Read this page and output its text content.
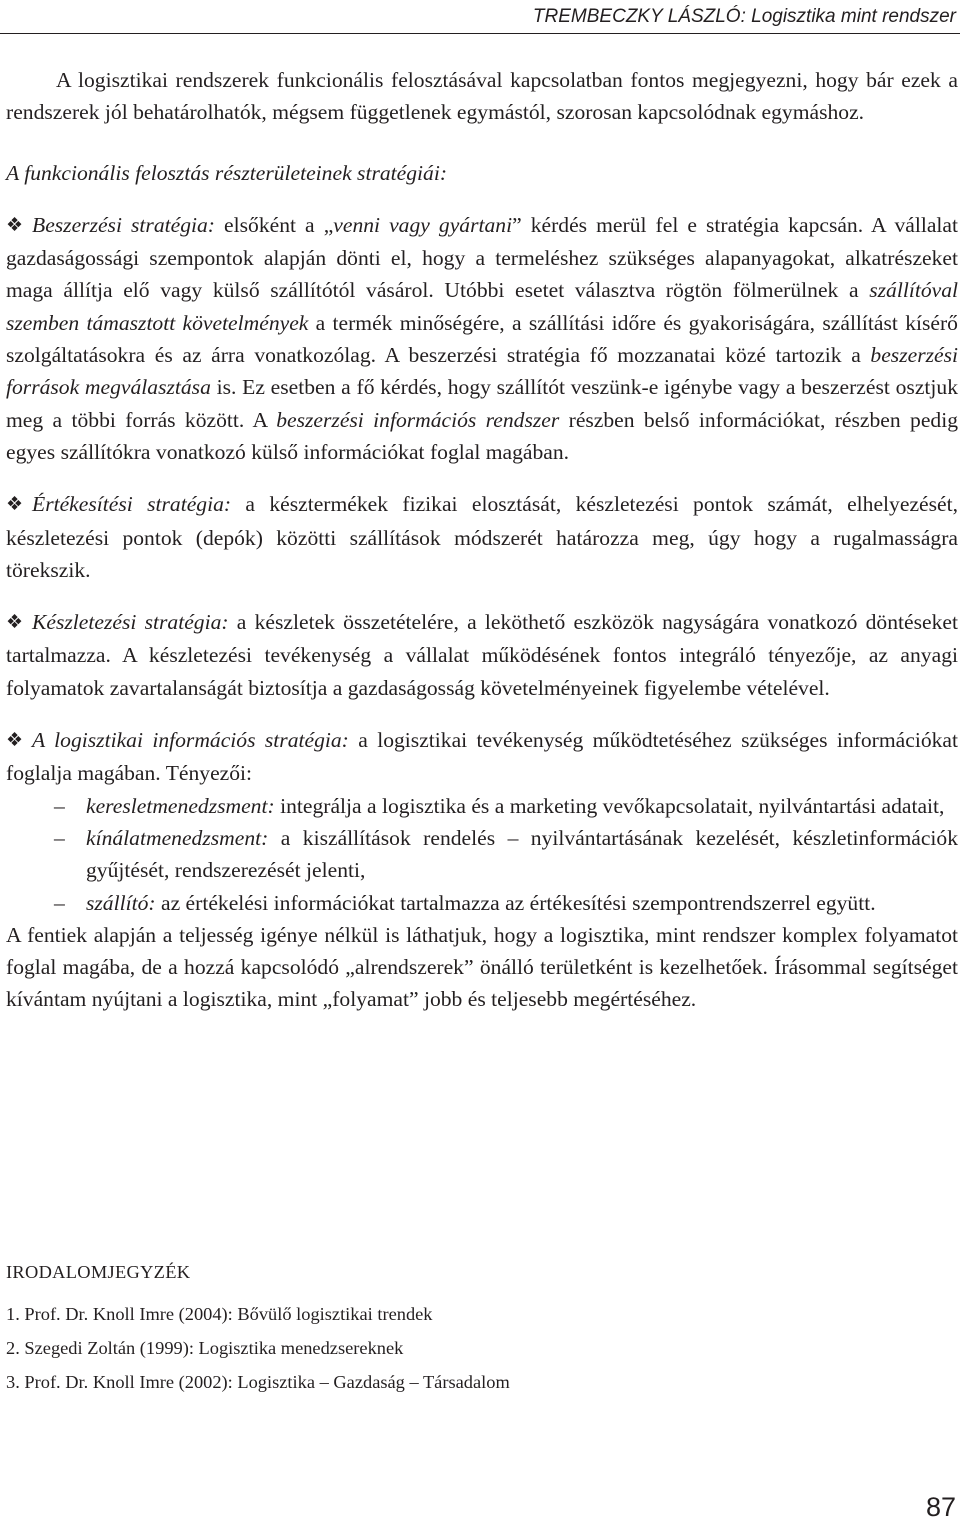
TREMBECZKY LÁSZLÓ: Logisztika mint rendszer

A logisztikai rendszerek funkcionális felosztásával kapcsolatban fontos megjegyezni, hogy bár ezek a rendszerek jól behatárolhatók, mégsem függetlenek egymástól, szorosan kapcsolódnak egymáshoz.

A funkcionális felosztás részterületeinek stratégiái:

❖ Beszerzési stratégia: elsőként a „venni vagy gyártani” kérdés merül fel e stratégia kapcsán. A vállalat gazdaságossági szempontok alapján dönti el, hogy a termeléshez szükséges alapanyagokat, alkatrészeket maga állítja elő vagy külső szállítótól vásárol. Utóbbi esetet választva rögtön fölmerülnek a szállítóval szemben támasztott követelmények a termék minőségére, a szállítási időre és gyakoriságára, szállítást kísérő szolgáltatásokra és az árra vonatkozólag. A beszerzési stratégia fő mozzanatai közé tartozik a beszerzési források megválasztása is. Ez esetben a fő kérdés, hogy szállítót veszünk-e igénybe vagy a beszerzést osztjuk meg a többi forrás között. A beszerzési információs rendszer részben belső információkat, részben pedig egyes szállítókra vonatkozó külső információkat foglal magában.

❖ Értékesítési stratégia: a késztermékek fizikai elosztását, készletezési pontok számát, elhelyezését, készletezési pontok (depók) közötti szállítások módszerét határozza meg, úgy hogy a rugalmasságra törekszik.

❖ Készletezési stratégia: a készletek összetételére, a leköthető eszközök nagyságára vonatkozó döntéseket tartalmazza. A készletezési tevékenység a vállalat működésének fontos integráló tényezője, az anyagi folyamatok zavartalanságát biztosítja a gazdaságosság követelményeinek figyelembe vételével.

❖ A logisztikai információs stratégia: a logisztikai tevékenység működtetéséhez szükséges információkat foglalja magában. Tényezői:

– keresletmenedzsment: integrálja a logisztika és a marketing vevőkapcsolatait, nyilvántartási adatait,
– kínálatmenedzsment: a kiszállítások rendelés – nyilvántartásának kezelését, készletinformációk gyűjtését, rendszerezését jelenti,
– szállító: az értékelési információkat tartalmazza az értékesítési szempontrendszerrel együtt.

A fentiek alapján a teljesség igénye nélkül is láthatjuk, hogy a logisztika, mint rendszer komplex folyamatot foglal magába, de a hozzá kapcsolódó „alrendszerek” önálló területként is kezelhetőek. Írásommal segítséget kívántam nyújtani a logisztika, mint „folyamat” jobb és teljesebb megértéséhez.

IRODALOMJEGYZÉK

1. Prof. Dr. Knoll Imre (2004): Bővülő logisztikai trendek
2. Szegedi Zoltán (1999): Logisztika menedzsereknek
3. Prof. Dr. Knoll Imre (2002): Logisztika – Gazdaság – Társadalom
87
